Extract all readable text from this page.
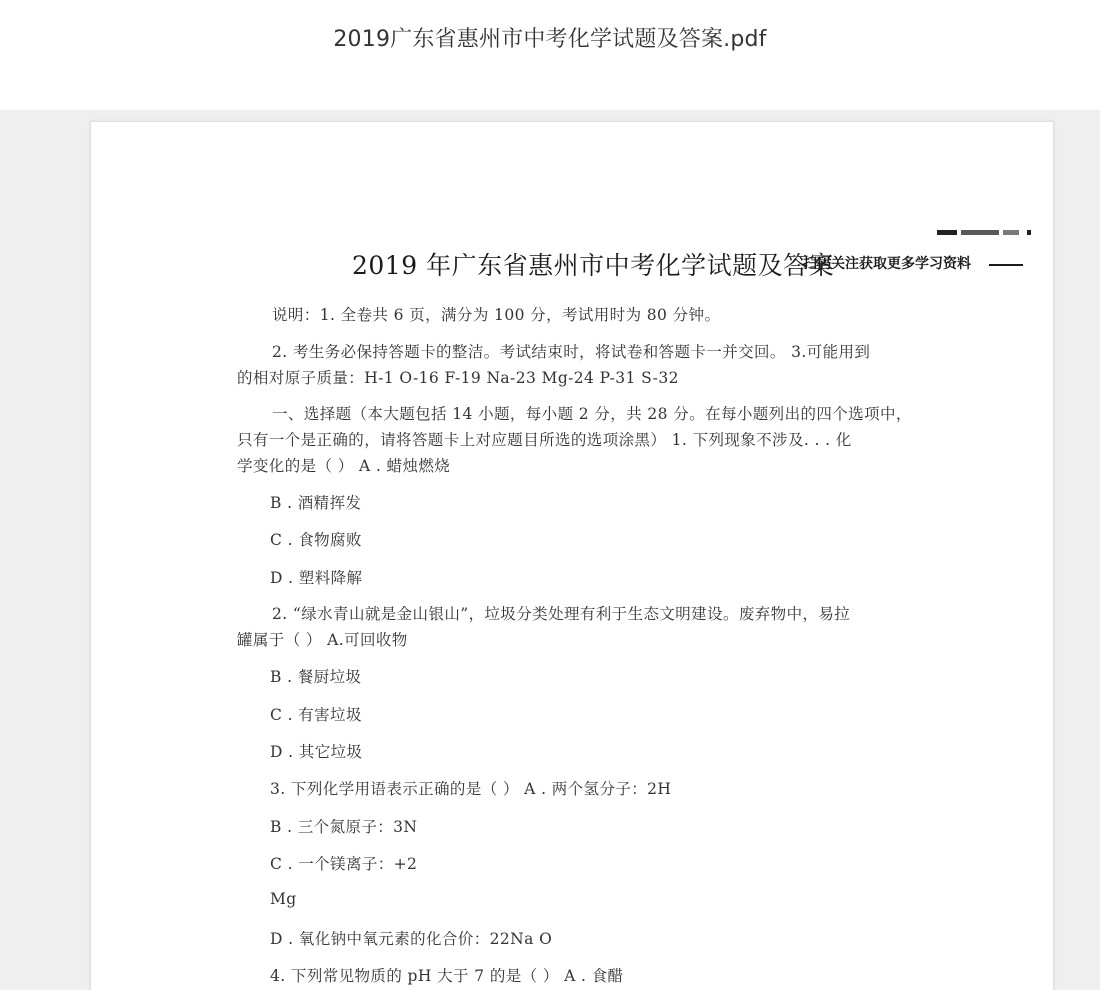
2019广东省惠州市中考化学试题及答案.pdf
2019 年广东省惠州市中考化学试题及答案
扫码关注获取更多学习资料
说明：1. 全卷共 6 页，满分为 100 分，考试用时为 80 分钟。
2. 考生务必保持答题卡的整洁。考试结束时，将试卷和答题卡一并交回。 3.可能用到
的相对原子质量：H-1 O-16 F-19 Na-23 Mg-24 P-31 S-32
一、选择题（本大题包括 14 小题，每小题 2 分，共 28 分。在每小题列出的四个选项中，
只有一个是正确的，请将答题卡上对应题目所选的选项涂黑） 1. 下列现象不涉及. . . 化
学变化的是（ ） A . 蜡烛燃烧
B . 酒精挥发
C . 食物腐败
D . 塑料降解
2. “绿水青山就是金山银山”，垃圾分类处理有利于生态文明建设。废弃物中，易拉
罐属于（ ） A.可回收物
B . 餐厨垃圾
C . 有害垃圾
D . 其它垃圾
3. 下列化学用语表示正确的是（ ） A . 两个氢分子：2H
B . 三个氮原子：3N
C . 一个镁离子：+2
Mg
D . 氧化钠中氧元素的化合价：22Na O
4. 下列常见物质的 pH 大于 7 的是（ ） A . 食醋
